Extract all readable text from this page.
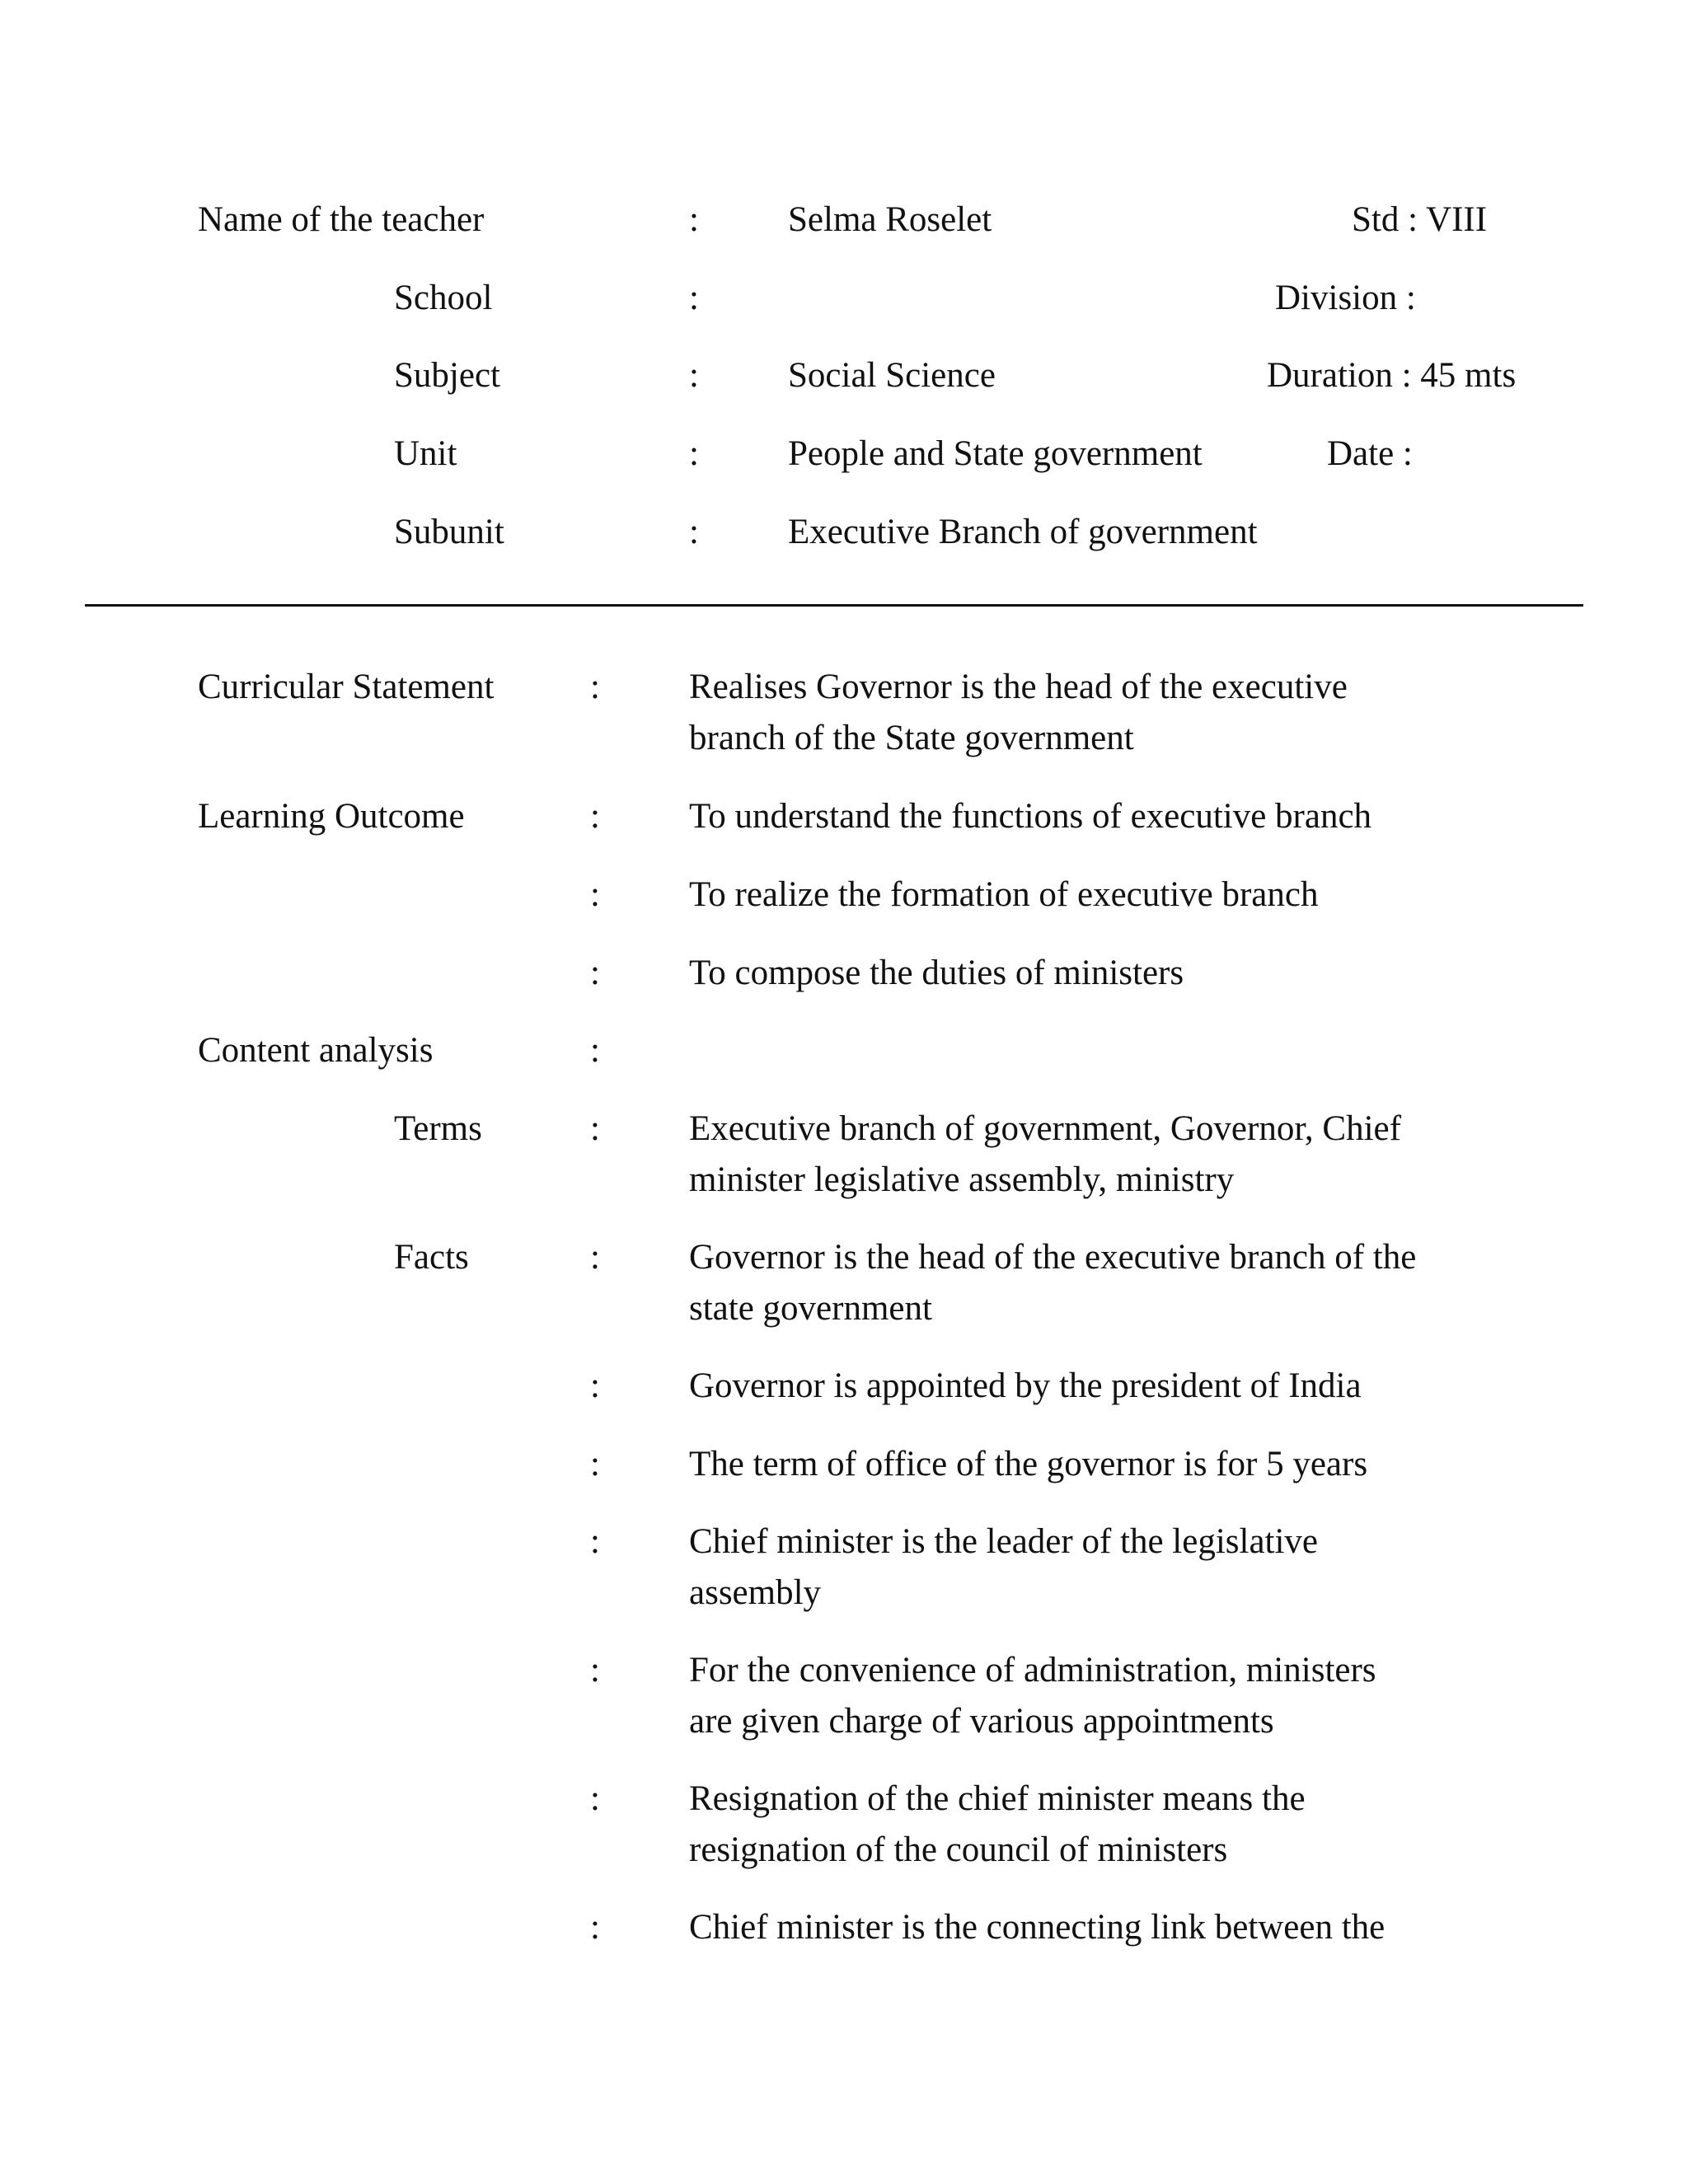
Name of the teacher	:	Selma Roselet	Std : VIII
School	:	Division :
Subject	:	Social Science	Duration : 45 mts
Unit	:	People and State government	Date :
Subunit	:	Executive Branch of government
Curricular Statement	:	Realises Governor is the head of the executive
branch of the State government
Learning Outcome	:	To understand the functions of executive branch
:	To realize the formation of executive branch
:	To compose the duties of ministers
Content analysis	:
Terms	:	Executive branch of government, Governor, Chief
minister legislative assembly, ministry
Facts	:	Governor is the head of the executive branch of the
state government
:	Governor is appointed by the president of India
:	The term of office of the governor is for 5 years
:	Chief minister is the leader of the legislative
assembly
:	For the convenience of administration, ministers
are given charge of various appointments
:	Resignation of the chief minister means the
resignation of the council of ministers
:	Chief minister is the connecting link between the
